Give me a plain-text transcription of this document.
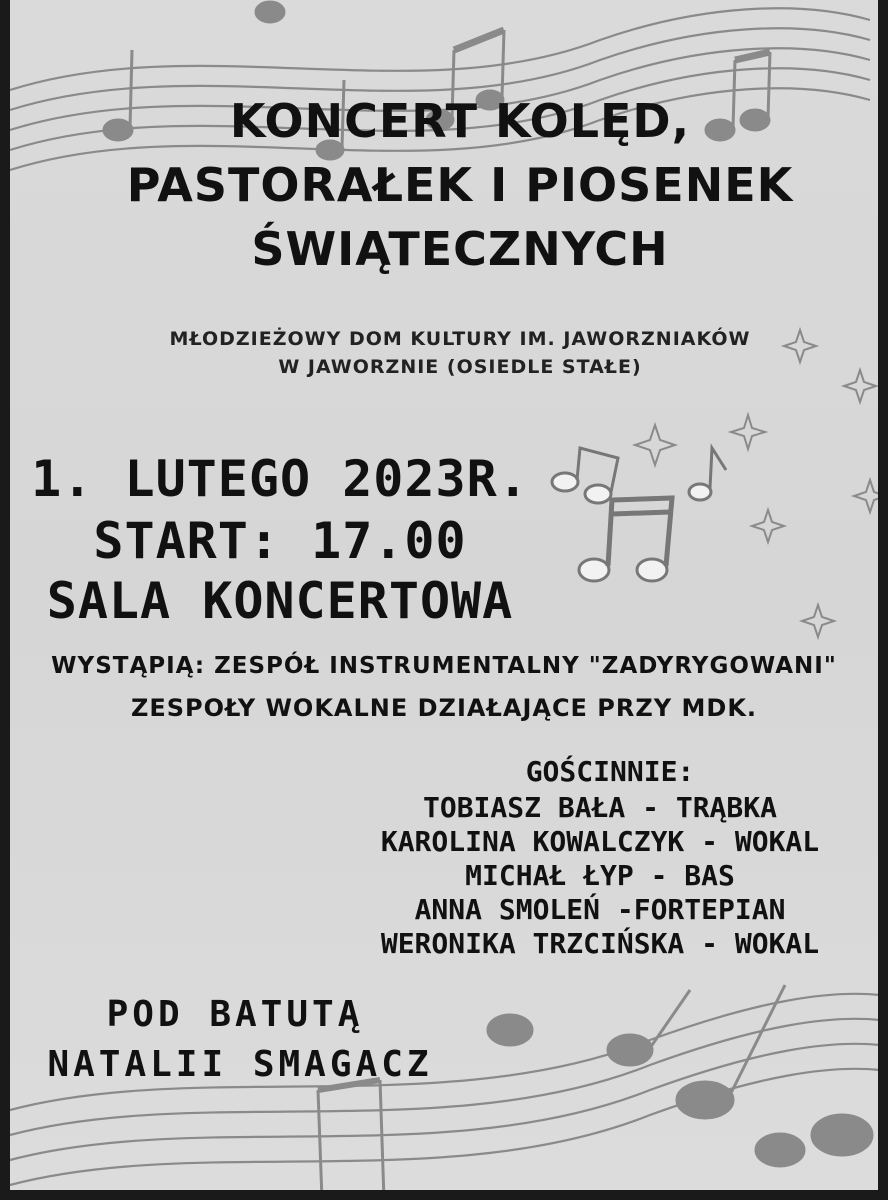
KONCERT KOLĘD,
PASTORAŁEK I PIOSENEK
ŚWIĄTECZNYCH
MŁODZIEŻOWY DOM KULTURY IM. JAWORZNIAKÓW
W JAWORZNIE (OSIEDLE STAŁE)
1. LUTEGO 2023R.
START: 17.00
SALA KONCERTOWA
WYSTĄPIĄ: ZESPÓŁ INSTRUMENTALNY "ZADYRYGOWANI"
ZESPOŁY WOKALNE DZIAŁAJĄCE PRZY MDK.
GOŚCINNIE:
TOBIASZ BAŁA - TRĄBKA
KAROLINA KOWALCZYK - WOKAL
MICHAŁ ŁYP - BAS
ANNA SMOLEŃ -FORTEPIAN
WERONIKA TRZCIŃSKA - WOKAL
POD BATUTĄ
NATALII SMAGACZ
